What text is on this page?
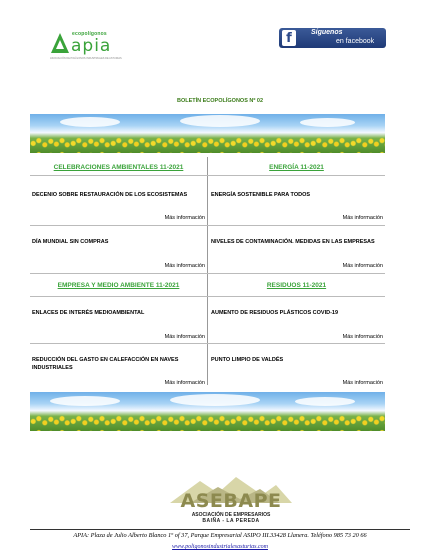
ecopolígonos
apia
ASOCIACIÓN DE POLÍGONOS INDUSTRIALES DE ASTURIAS
f	Síguenos
en facebook
BOLETÍN ECOPOLÍGONOS Nº 02
CELEBRACIONES AMBIENTALES 11-2021
DECENIO SOBRE RESTAURACIÓN DE LOS ECOSISTEMAS
Más información
DÍA MUNDIAL SIN COMPRAS
Más información
ENERGÍA 11-2021
ENERGÍA SOSTENIBLE PARA TODOS
Más información
NIVELES DE CONTAMINACIÓN. MEDIDAS EN LAS EMPRESAS
Más información
EMPRESA Y MEDIO AMBIENTE 11-2021
ENLACES DE INTERÉS MEDIOAMBIENTAL
Más información
REDUCCIÓN DEL GASTO EN CALEFACCIÓN EN NAVES INDUSTRIALES
Más información
RESIDUOS 11-2021
AUMENTO DE RESIDUOS PLÁSTICOS COVID-19
Más información
PUNTO LIMPIO DE VALDÉS
Más información
ASEBAPE
ASOCIACIÓN DE EMPRESARIOS
BAIÑA - LA PEREDA
APIA: Plaza de Julio Alberto Blanco 1º of 37, Parque Empresarial ASIPO III.33428 Llanera. Teléfono 985 73 20 66
www.poligonosindustrialesasturias.com
